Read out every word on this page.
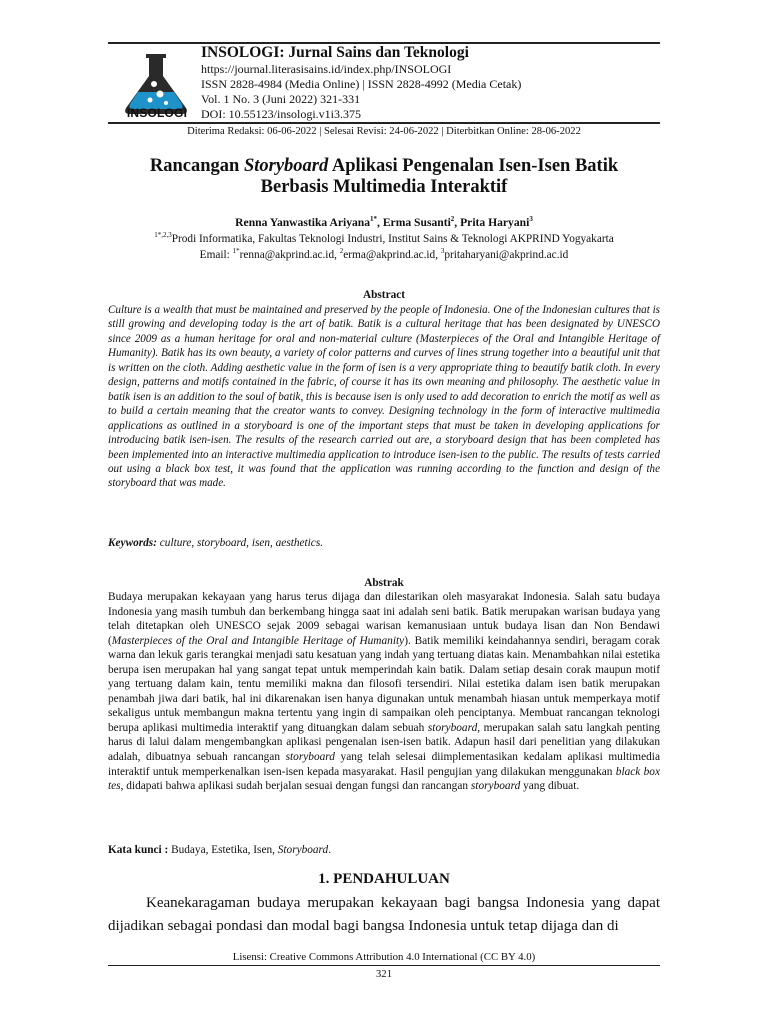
INSOLOGI
INSOLOGI: Jurnal Sains dan Teknologi
https://journal.literasisains.id/index.php/INSOLOGI
ISSN 2828-4984 (Media Online) | ISSN 2828-4992 (Media Cetak)
Vol. 1 No. 3 (Juni 2022) 321-331
DOI: 10.55123/insologi.v1i3.375
Diterima Redaksi: 06-06-2022 | Selesai Revisi: 24-06-2022 | Diterbitkan Online: 28-06-2022
Rancangan Storyboard Aplikasi Pengenalan Isen-Isen Batik
Berbasis Multimedia Interaktif
Renna Yanwastika Ariyana$^{1*}$, Erma Susanti$^2$, Prita Haryani$^3$
$^{1*,2,3}$Prodi Informatika, Fakultas Teknologi Industri, Institut Sains & Teknologi AKPRIND Yogyakarta
Email: $^{1*}$renna@akprind.ac.id, $^2$erma@akprind.ac.id, $^3$pritaharyani@akprind.ac.id
Abstract
Culture is a wealth that must be maintained and preserved by the people of Indonesia. One of the Indonesian cultures that is still growing and developing today is the art of batik. Batik is a cultural heritage that has been designated by UNESCO since 2009 as a human heritage for oral and non-material culture (Masterpieces of the Oral and Intangible Heritage of Humanity). Batik has its own beauty, a variety of color patterns and curves of lines strung together into a beautiful unit that is written on the cloth. Adding aesthetic value in the form of isen is a very appropriate thing to beautify batik cloth. In every design, patterns and motifs contained in the fabric, of course it has its own meaning and philosophy. The aesthetic value in batik isen is an addition to the soul of batik, this is because isen is only used to add decoration to enrich the motif as well as to build a certain meaning that the creator wants to convey. Designing technology in the form of interactive multimedia applications as outlined in a storyboard is one of the important steps that must be taken in developing applications for introducing batik isen-isen. The results of the research carried out are, a storyboard design that has been completed has been implemented into an interactive multimedia application to introduce isen-isen to the public. The results of tests carried out using a black box test, it was found that the application was running according to the function and design of the storyboard that was made.
Keywords: culture, storyboard, isen, aesthetics.
Abstrak
Budaya merupakan kekayaan yang harus terus dijaga dan dilestarikan oleh masyarakat Indonesia. Salah satu budaya Indonesia yang masih tumbuh dan berkembang hingga saat ini adalah seni batik. Batik merupakan warisan budaya yang telah ditetapkan oleh UNESCO sejak 2009 sebagai warisan kemanusiaan untuk budaya lisan dan Non Bendawi (Masterpieces of the Oral and Intangible Heritage of Humanity). Batik memiliki keindahannya sendiri, beragam corak warna dan lekuk garis terangkai menjadi satu kesatuan yang indah yang tertuang diatas kain. Menambahkan nilai estetika berupa isen merupakan hal yang sangat tepat untuk memperindah kain batik. Dalam setiap desain corak maupun motif yang tertuang dalam kain, tentu memiliki makna dan filosofi tersendiri. Nilai estetika dalam isen batik merupakan penambah jiwa dari batik, hal ini dikarenakan isen hanya digunakan untuk menambah hiasan untuk memperkaya motif sekaligus untuk membangun makna tertentu yang ingin di sampaikan oleh penciptanya. Membuat rancangan teknologi berupa aplikasi multimedia interaktif yang dituangkan dalam sebuah storyboard, merupakan salah satu langkah penting harus di lalui dalam mengembangkan aplikasi pengenalan isen-isen batik. Adapun hasil dari penelitian yang dilakukan adalah, dibuatnya sebuah rancangan storyboard yang telah selesai diimplementasikan kedalam aplikasi multimedia interaktif untuk memperkenalkan isen-isen kepada masyarakat. Hasil pengujian yang dilakukan menggunakan black box tes, didapati bahwa aplikasi sudah berjalan sesuai dengan fungsi dan rancangan storyboard yang dibuat.
Kata kunci : Budaya, Estetika, Isen, Storyboard.
1. PENDAHULUAN
Keanekaragaman budaya merupakan kekayaan bagi bangsa Indonesia yang dapat dijadikan sebagai pondasi dan modal bagi bangsa Indonesia untuk tetap dijaga dan di
Lisensi: Creative Commons Attribution 4.0 International (CC BY 4.0)
321
